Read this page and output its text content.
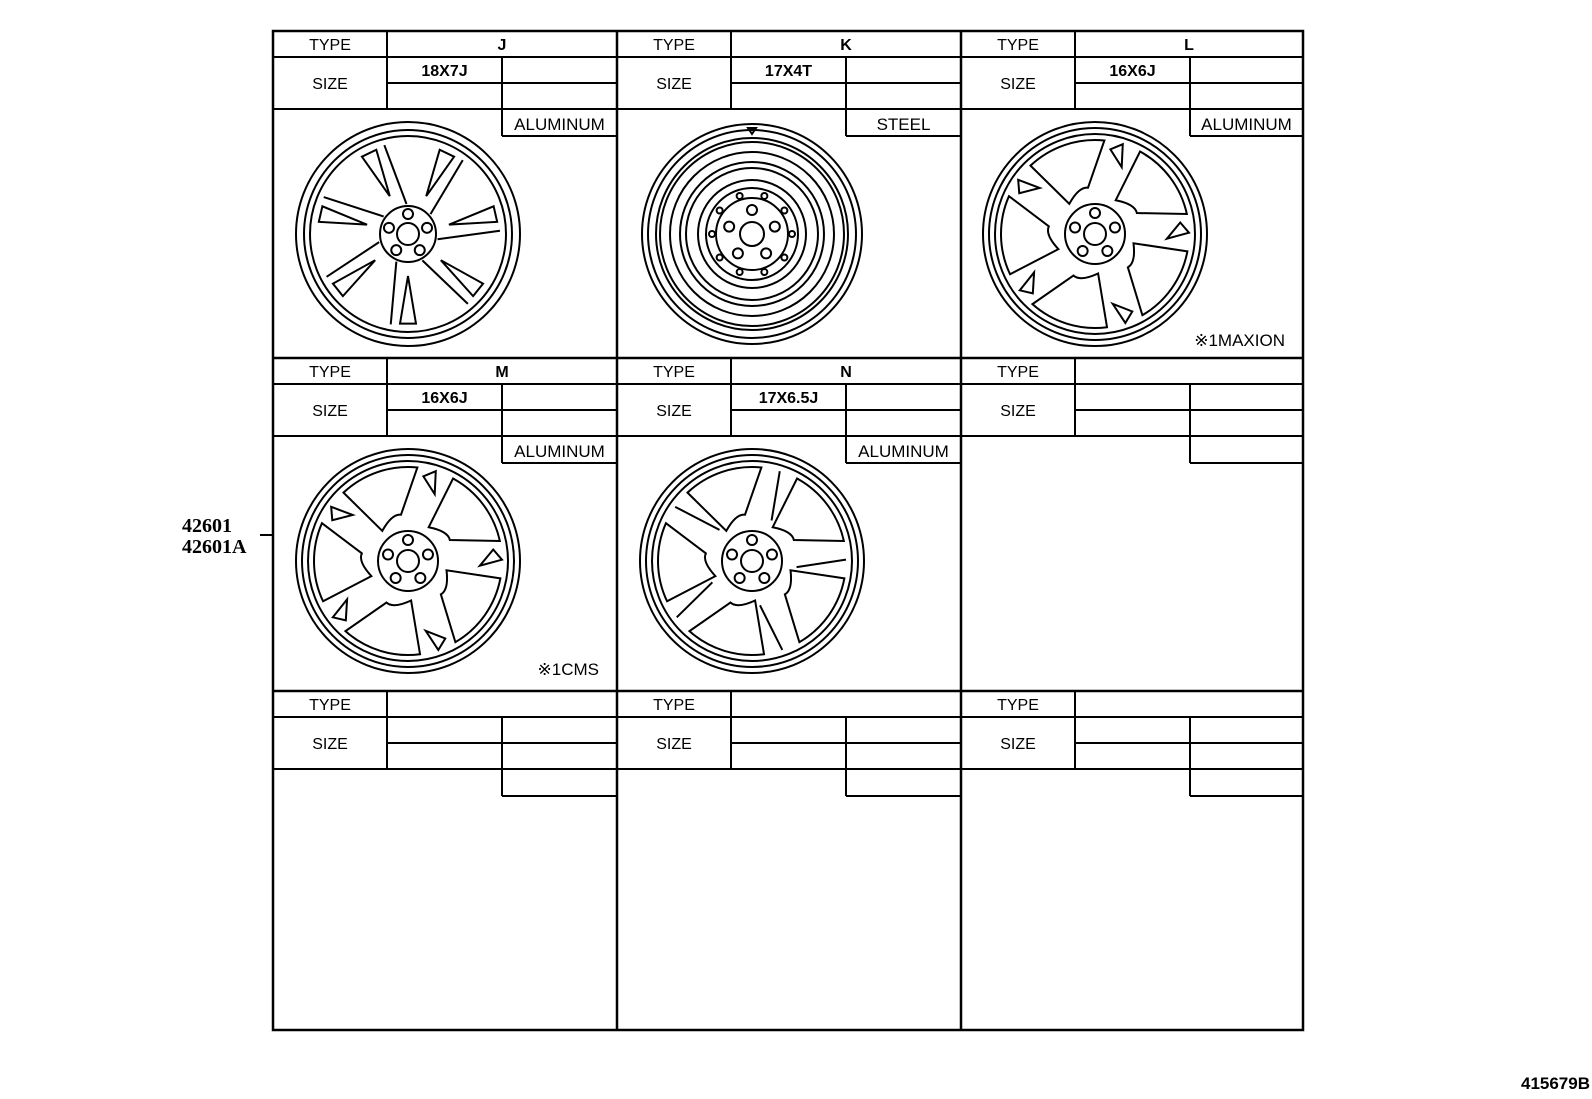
TYPE
SIZE
J
18X7J
ALUMINUM
TYPE
SIZE
K
17X4T
STEEL
TYPE
SIZE
L
16X6J
ALUMINUM
※1MAXION
TYPE
SIZE
M
16X6J
ALUMINUM
※1CMS
TYPE
SIZE
N
17X6.5J
ALUMINUM
TYPE
SIZE
TYPE
SIZE
TYPE
SIZE
TYPE
SIZE
42601
42601A
415679B
